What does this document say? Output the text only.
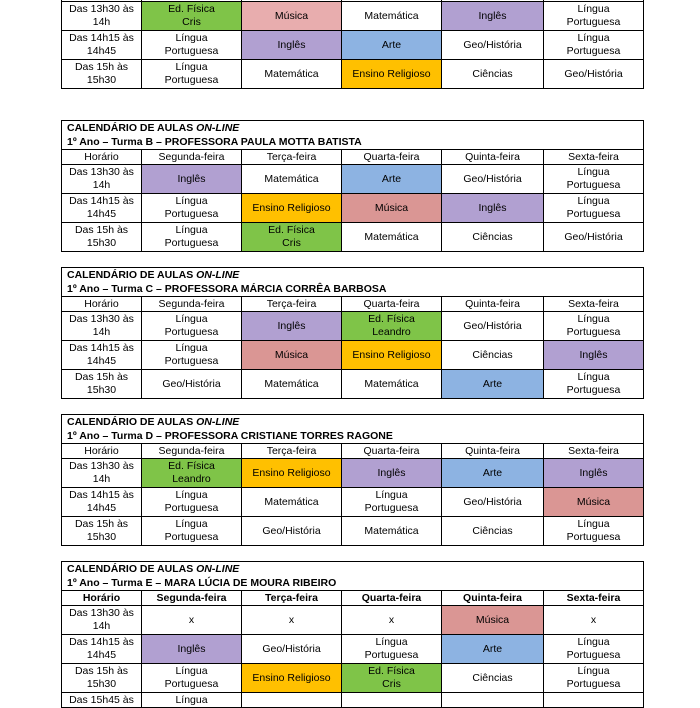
Das 13h30 às
14h	Ed. Física
Cris	Música	Matemática	Inglês	Língua
Portuguesa
Das 14h15 às
14h45	Língua
Portuguesa	Inglês	Arte	Geo/História	Língua
Portuguesa
Das 15h às
15h30	Língua
Portuguesa	Matemática	Ensino Religioso	Ciências	Geo/História
CALENDÁRIO DE AULAS ON-LINE					
1º Ano – Turma B – PROFESSORA PAULA MOTTA BATISTA					
Horário	Segunda-feira	Terça-feira	Quarta-feira	Quinta-feira	Sexta-feira
Das 13h30 às
14h	Inglês	Matemática	Arte	Geo/História	Língua
Portuguesa
Das 14h15 às
14h45	Língua
Portuguesa	Ensino Religioso	Música	Inglês	Língua
Portuguesa
Das 15h às
15h30	Língua
Portuguesa	Ed. Física
Cris	Matemática	Ciências	Geo/História
CALENDÁRIO DE AULAS ON-LINE					
1º Ano – Turma C – PROFESSORA MÁRCIA CORRÊA BARBOSA					
Horário	Segunda-feira	Terça-feira	Quarta-feira	Quinta-feira	Sexta-feira
Das 13h30 às
14h	Língua
Portuguesa	Inglês	Ed. Física
Leandro	Geo/História	Língua
Portuguesa
Das 14h15 às
14h45	Língua
Portuguesa	Música	Ensino Religioso	Ciências	Inglês
Das 15h às
15h30	Geo/História	Matemática	Matemática	Arte	Língua
Portuguesa
CALENDÁRIO DE AULAS ON-LINE					
1º Ano – Turma D – PROFESSORA CRISTIANE TORRES RAGONE					
Horário	Segunda-feira	Terça-feira	Quarta-feira	Quinta-feira	Sexta-feira
Das 13h30 às
14h	Ed. Física
Leandro	Ensino Religioso	Inglês	Arte	Inglês
Das 14h15 às
14h45	Língua
Portuguesa	Matemática	Língua
Portuguesa	Geo/História	Música
Das 15h às
15h30	Língua
Portuguesa	Geo/História	Matemática	Ciências	Língua
Portuguesa
CALENDÁRIO DE AULAS ON-LINE					
1º Ano – Turma E – MARA LÚCIA DE MOURA RIBEIRO					
Horário	Segunda-feira	Terça-feira	Quarta-feira	Quinta-feira	Sexta-feira
Das 13h30 às
14h	x	x	x	Música	x
Das 14h15 às
14h45	Inglês	Geo/História	Língua
Portuguesa	Arte	Língua
Portuguesa
Das 15h às
15h30	Língua
Portuguesa	Ensino Religioso	Ed. Física
Cris	Ciências	Língua
Portuguesa
Das 15h45 às	Língua				
